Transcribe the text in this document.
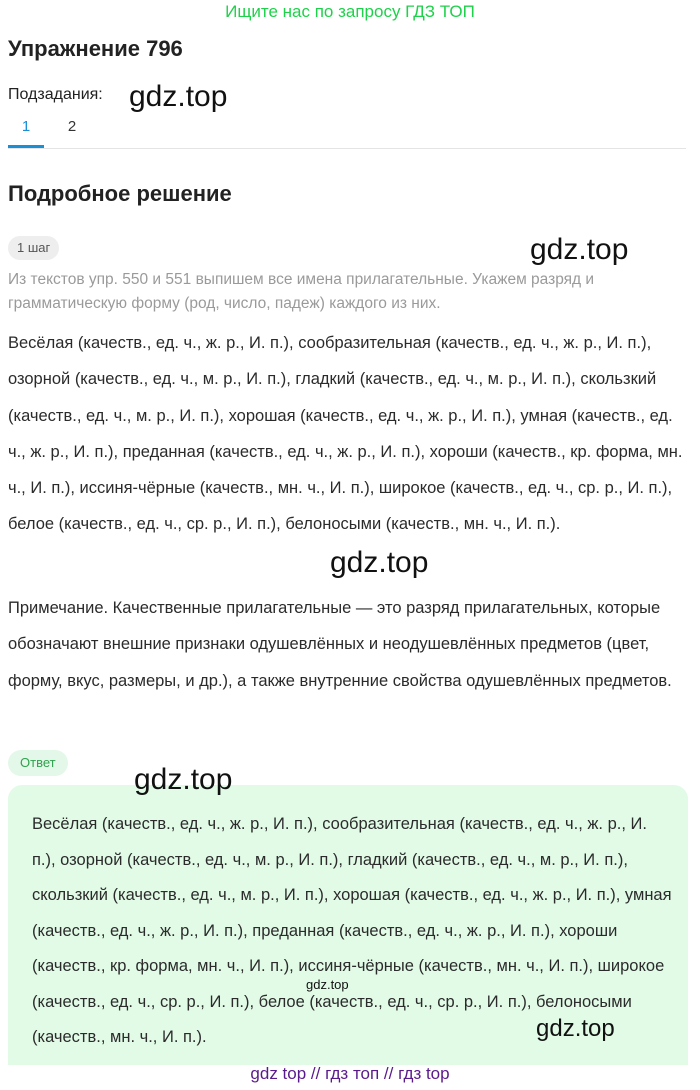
Ищите нас по запросу ГДЗ ТОП
Упражнение 796
Подзадания:
1	2
Подробное решение
1 шаг
Из текстов упр. 550 и 551 выпишем все имена прилагательные. Укажем разряд и грамматическую форму (род, число, падеж) каждого из них.
Весёлая (качеств., ед. ч., ж. р., И. п.), сообразительная (качеств., ед. ч., ж. р., И. п.), озорной (качеств., ед. ч., м. р., И. п.), гладкий (качеств., ед. ч., м. р., И. п.), скользкий (качеств., ед. ч., м. р., И. п.), хорошая (качеств., ед. ч., ж. р., И. п.), умная (качеств., ед. ч., ж. р., И. п.), преданная (качеств., ед. ч., ж. р., И. п.), хороши (качеств., кр. форма, мн. ч., И. п.), иссиня-чёрные (качеств., мн. ч., И. п.), широкое (качеств., ед. ч., ср. р., И. п.), белое (качеств., ед. ч., ср. р., И. п.), белоносыми (качеств., мн. ч., И. п.).
Примечание. Качественные прилагательные — это разряд прилагательных, которые обозначают внешние признаки одушевлённых и неодушевлённых предметов (цвет, форму, вкус, размеры, и др.), а также внутренние свойства одушевлённых предметов.
Ответ
Весёлая (качеств., ед. ч., ж. р., И. п.), сообразительная (качеств., ед. ч., ж. р., И. п.), озорной (качеств., ед. ч., м. р., И. п.), гладкий (качеств., ед. ч., м. р., И. п.), скользкий (качеств., ед. ч., м. р., И. п.), хорошая (качеств., ед. ч., ж. р., И. п.), умная (качеств., ед. ч., ж. р., И. п.), преданная (качеств., ед. ч., ж. р., И. п.), хороши (качеств., кр. форма, мн. ч., И. п.), иссиня-чёрные (качеств., мн. ч., И. п.), широкое (качеств., ед. ч., ср. р., И. п.), белое (качеств., ед. ч., ср. р., И. п.), белоносыми (качеств., мн. ч., И. п.).
gdz.top
gdz.top
gdz.top
gdz.top
gdz.top
gdz.top
gdz top // гдз топ // гдз top
